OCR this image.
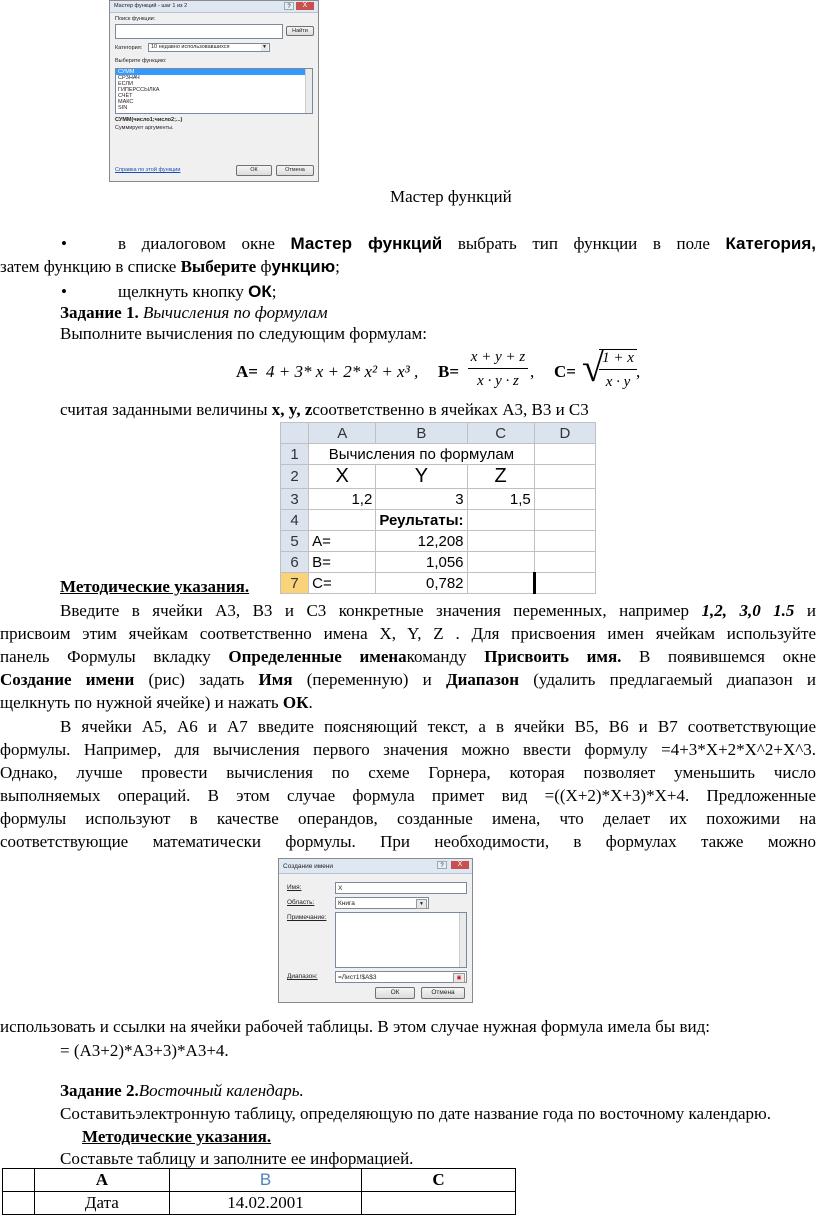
Мастер функций - шаг 1 из 2	?	X
Поиск функции:
Найти
Категория: 10 недавно использовавшихся	▼
Выберите функцию:
СУММ
СРЗНАЧ
ЕСЛИ
ГИПЕРССЫЛКА
СЧЁТ
МАКС
SIN
СУММ(число1;число2;...)
Суммирует аргументы.
Справка по этой функции	ОК	Отмена
Мастер функций
•	в диалоговом окне Мастер функций выбрать тип функции в поле Категория,
затем функцию в списке Выберите функцию;
•	щелкнуть кнопку ОК;
Задание 1. Вычисления по формулам
Выполните вычисления по следующим формулам:
А= 4 + 3* x + 2* x² + x³ , $В= \frac{x + y + z}{x \cdot y \cdot z}$ , С= √
$\frac{1 + x}{x \cdot y}$ ,
считая заданными величины x, y, zсоответственно в ячейках А3, В3 и С3
	A	B	C	D
1	Вычисления по формулам			
2	X	Y	Z	
3	1,2	3	1,5	
4		Реультаты:		
5	А=	12,208		
6	В=	1,056		
7	С=	0,782		
Методические указания.
Введите в ячейки А3, В3 и С3 конкретные значения переменных, например 1,2, 3,0 1.5 и
присвоим этим ячейкам соответственно имена X, Y, Z . Для присвоения имен ячейкам используйте
панель Формулы вкладку Определенные именакоманду Присвоить имя. В появившемся окне
Создание имени (рис) задать Имя (переменную) и Диапазон (удалить предлагаемый диапазон и
щелкнуть по нужной ячейке) и нажать ОК.
В ячейки А5, А6 и А7 введите поясняющий текст, а в ячейки В5, В6 и В7 соответствующие
формулы. Например, для вычисления первого значения можно ввести формулу =4+3*X+2*X^2+X^3.
Однако, лучше провести вычисления по схеме Горнера, которая позволяет уменьшить число
выполняемых операций. В этом случае формула примет вид =((X+2)*X+3)*X+4. Предложенные
формулы используют в качестве операндов, созданные имена, что делает их похожими на
соответствующие математически формулы. При необходимости, в формулах также можно
Создание имени	?	X
Имя:	X
Область:	Книга	▼
Примечание:
Диапазон:	=Лист1!$A$3	▣
ОК	Отмена
использовать и ссылки на ячейки рабочей таблицы. В этом случае нужная формула имела бы вид:
= (А3+2)*А3+3)*А3+4.
Задание 2.Восточный календарь.
Составитьэлектронную таблицу, определяющую по дате название года по восточному календарю.
Методические указания.
Составьте таблицу и заполните ее информацией.
	A	B	C
	Дата	14.02.2001	
